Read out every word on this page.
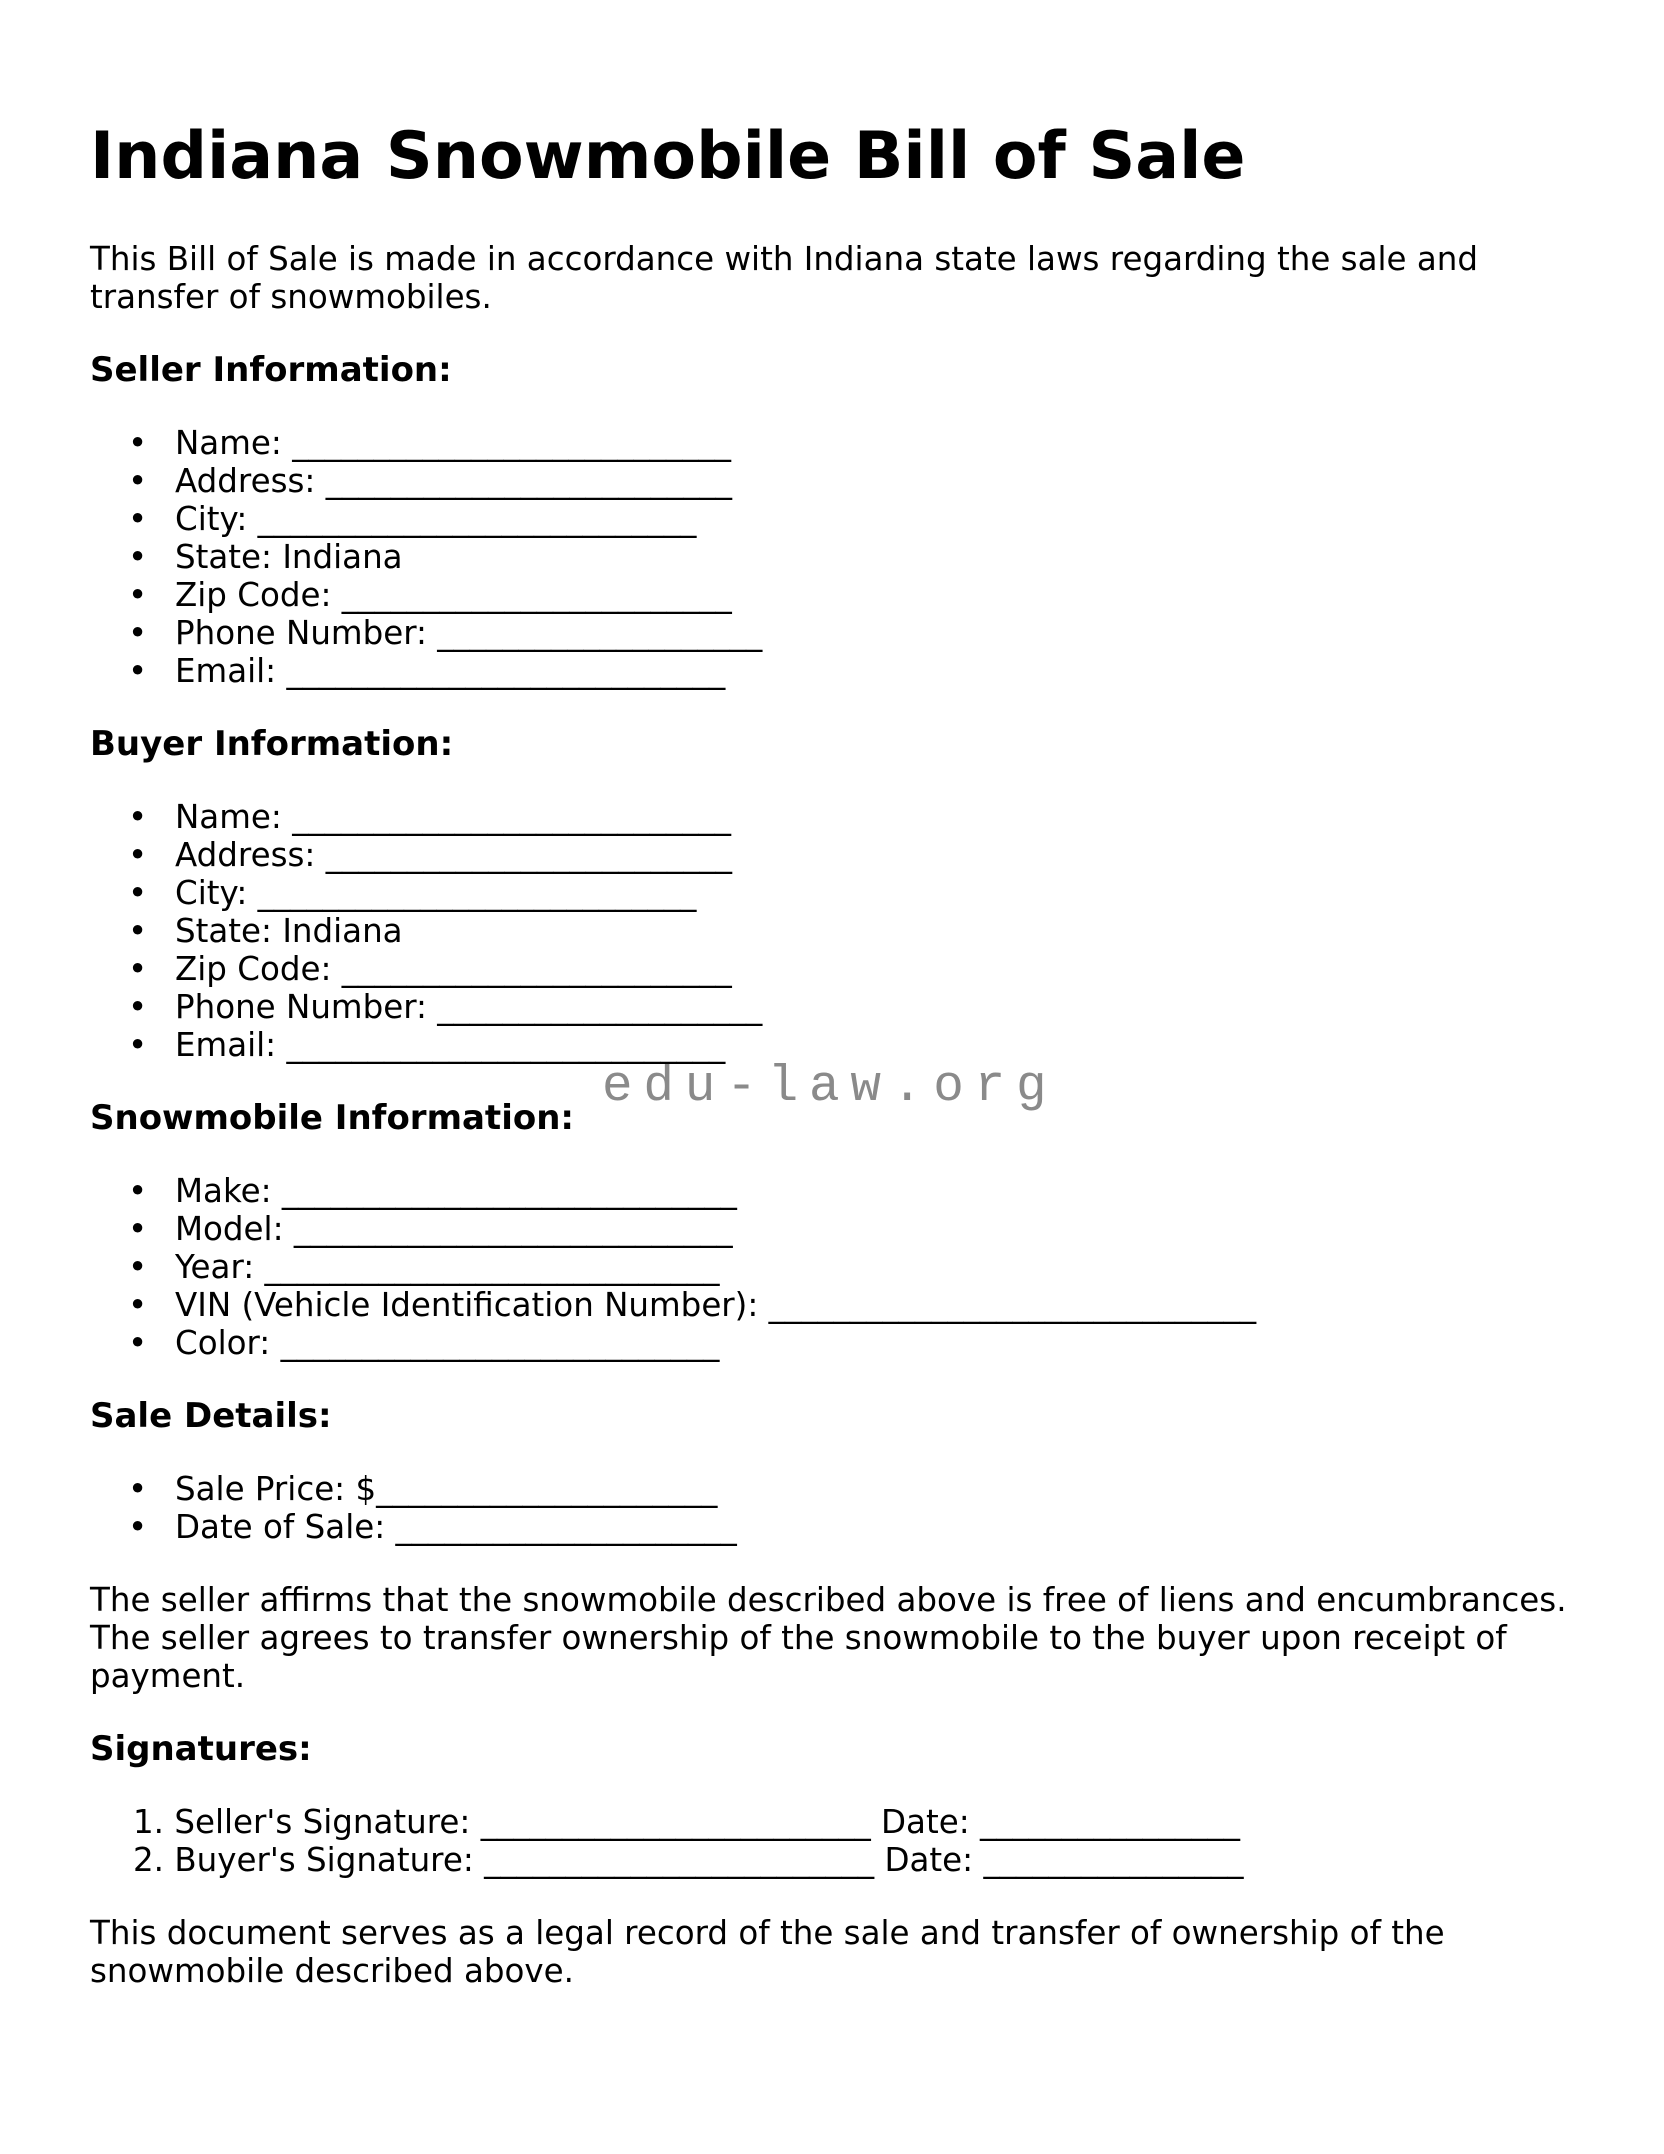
edu-law.org
Indiana Snowmobile Bill of Sale

This Bill of Sale is made in accordance with Indiana state laws regarding the sale and transfer of snowmobiles.

Seller Information:
• Name: ___________________________
• Address: _________________________
• City: ___________________________
• State: Indiana
• Zip Code: ________________________
• Phone Number: ____________________
• Email: ___________________________
Buyer Information:
• Name: ___________________________
• Address: _________________________
• City: ___________________________
• State: Indiana
• Zip Code: ________________________
• Phone Number: ____________________
• Email: ___________________________
Snowmobile Information:
• Make: ____________________________
• Model: ___________________________
• Year: ____________________________
• VIN (Vehicle Identification Number): ______________________________
• Color: ___________________________
Sale Details:
• Sale Price: $_____________________
• Date of Sale: _____________________

The seller affirms that the snowmobile described above is free of liens and encumbrances. The seller agrees to transfer ownership of the snowmobile to the buyer upon receipt of payment.

Signatures:
1. Seller's Signature: ________________________ Date: ________________
2. Buyer's Signature: ________________________ Date: ________________

This document serves as a legal record of the sale and transfer of ownership of the snowmobile described above.
